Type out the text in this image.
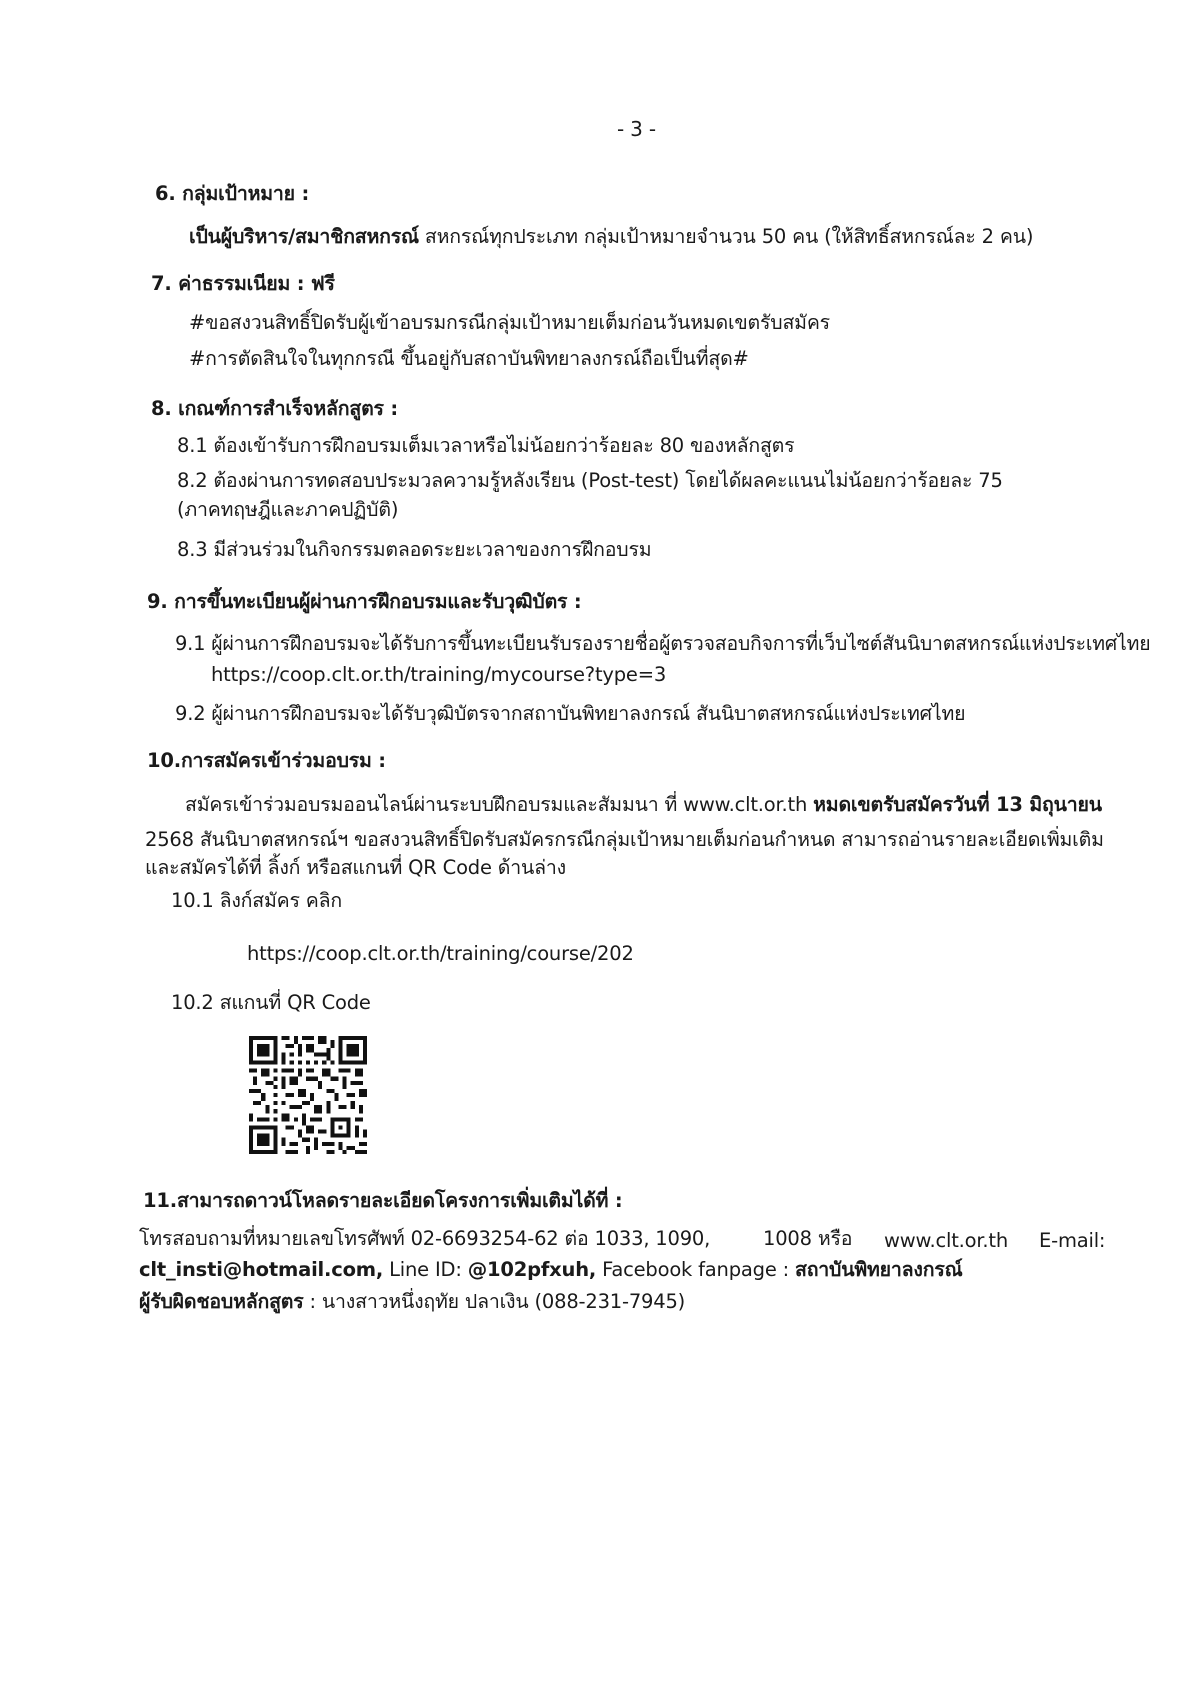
- 3 -
6. กลุ่มเป้าหมาย :
เป็นผู้บริหาร/สมาชิกสหกรณ์ สหกรณ์ทุกประเภท กลุ่มเป้าหมายจำนวน 50 คน (ให้สิทธิ์สหกรณ์ละ 2 คน)
7. ค่าธรรมเนียม : ฟรี
#ขอสงวนสิทธิ์ปิดรับผู้เข้าอบรมกรณีกลุ่มเป้าหมายเต็มก่อนวันหมดเขตรับสมัคร
#การตัดสินใจในทุกกรณี ขึ้นอยู่กับสถาบันพิทยาลงกรณ์ถือเป็นที่สุด#
8. เกณฑ์การสำเร็จหลักสูตร :
8.1 ต้องเข้ารับการฝึกอบรมเต็มเวลาหรือไม่น้อยกว่าร้อยละ 80 ของหลักสูตร
8.2 ต้องผ่านการทดสอบประมวลความรู้หลังเรียน (Post-test) โดยได้ผลคะแนนไม่น้อยกว่าร้อยละ 75
(ภาคทฤษฎีและภาคปฏิบัติ)
8.3 มีส่วนร่วมในกิจกรรมตลอดระยะเวลาของการฝึกอบรม
9. การขึ้นทะเบียนผู้ผ่านการฝึกอบรมและรับวุฒิบัตร :
9.1 ผู้ผ่านการฝึกอบรมจะได้รับการขึ้นทะเบียนรับรองรายชื่อผู้ตรวจสอบกิจการที่เว็บไซต์สันนิบาตสหกรณ์แห่งประเทศไทย
https://coop.clt.or.th/training/mycourse?type=3
9.2 ผู้ผ่านการฝึกอบรมจะได้รับวุฒิบัตรจากสถาบันพิทยาลงกรณ์ สันนิบาตสหกรณ์แห่งประเทศไทย
10.การสมัครเข้าร่วมอบรม :
สมัครเข้าร่วมอบรมออนไลน์ผ่านระบบฝึกอบรมและสัมมนา ที่ www.clt.or.th หมดเขตรับสมัครวันที่ 13 มิถุนายน
2568 สันนิบาตสหกรณ์ฯ ขอสงวนสิทธิ์ปิดรับสมัครกรณีกลุ่มเป้าหมายเต็มก่อนกำหนด สามารถอ่านรายละเอียดเพิ่มเติม
และสมัครได้ที่ ลิ้งก์ หรือสแกนที่ QR Code ด้านล่าง
10.1 ลิงก์สมัคร คลิก
https://coop.clt.or.th/training/course/202
10.2 สแกนที่ QR Code
11.สามารถดาวน์โหลดรายละเอียดโครงการเพิ่มเติมได้ที่ :
โทรสอบถามที่หมายเลขโทรศัพท์ 02-6693254-62 ต่อ 1033, 1090,	1008 หรือ www.clt.or.th E-mail:
clt_insti@hotmail.com, Line ID: @102pfxuh, Facebook fanpage : สถาบันพิทยาลงกรณ์
ผู้รับผิดชอบหลักสูตร : นางสาวหนึ่งฤทัย ปลาเงิน (088-231-7945)
